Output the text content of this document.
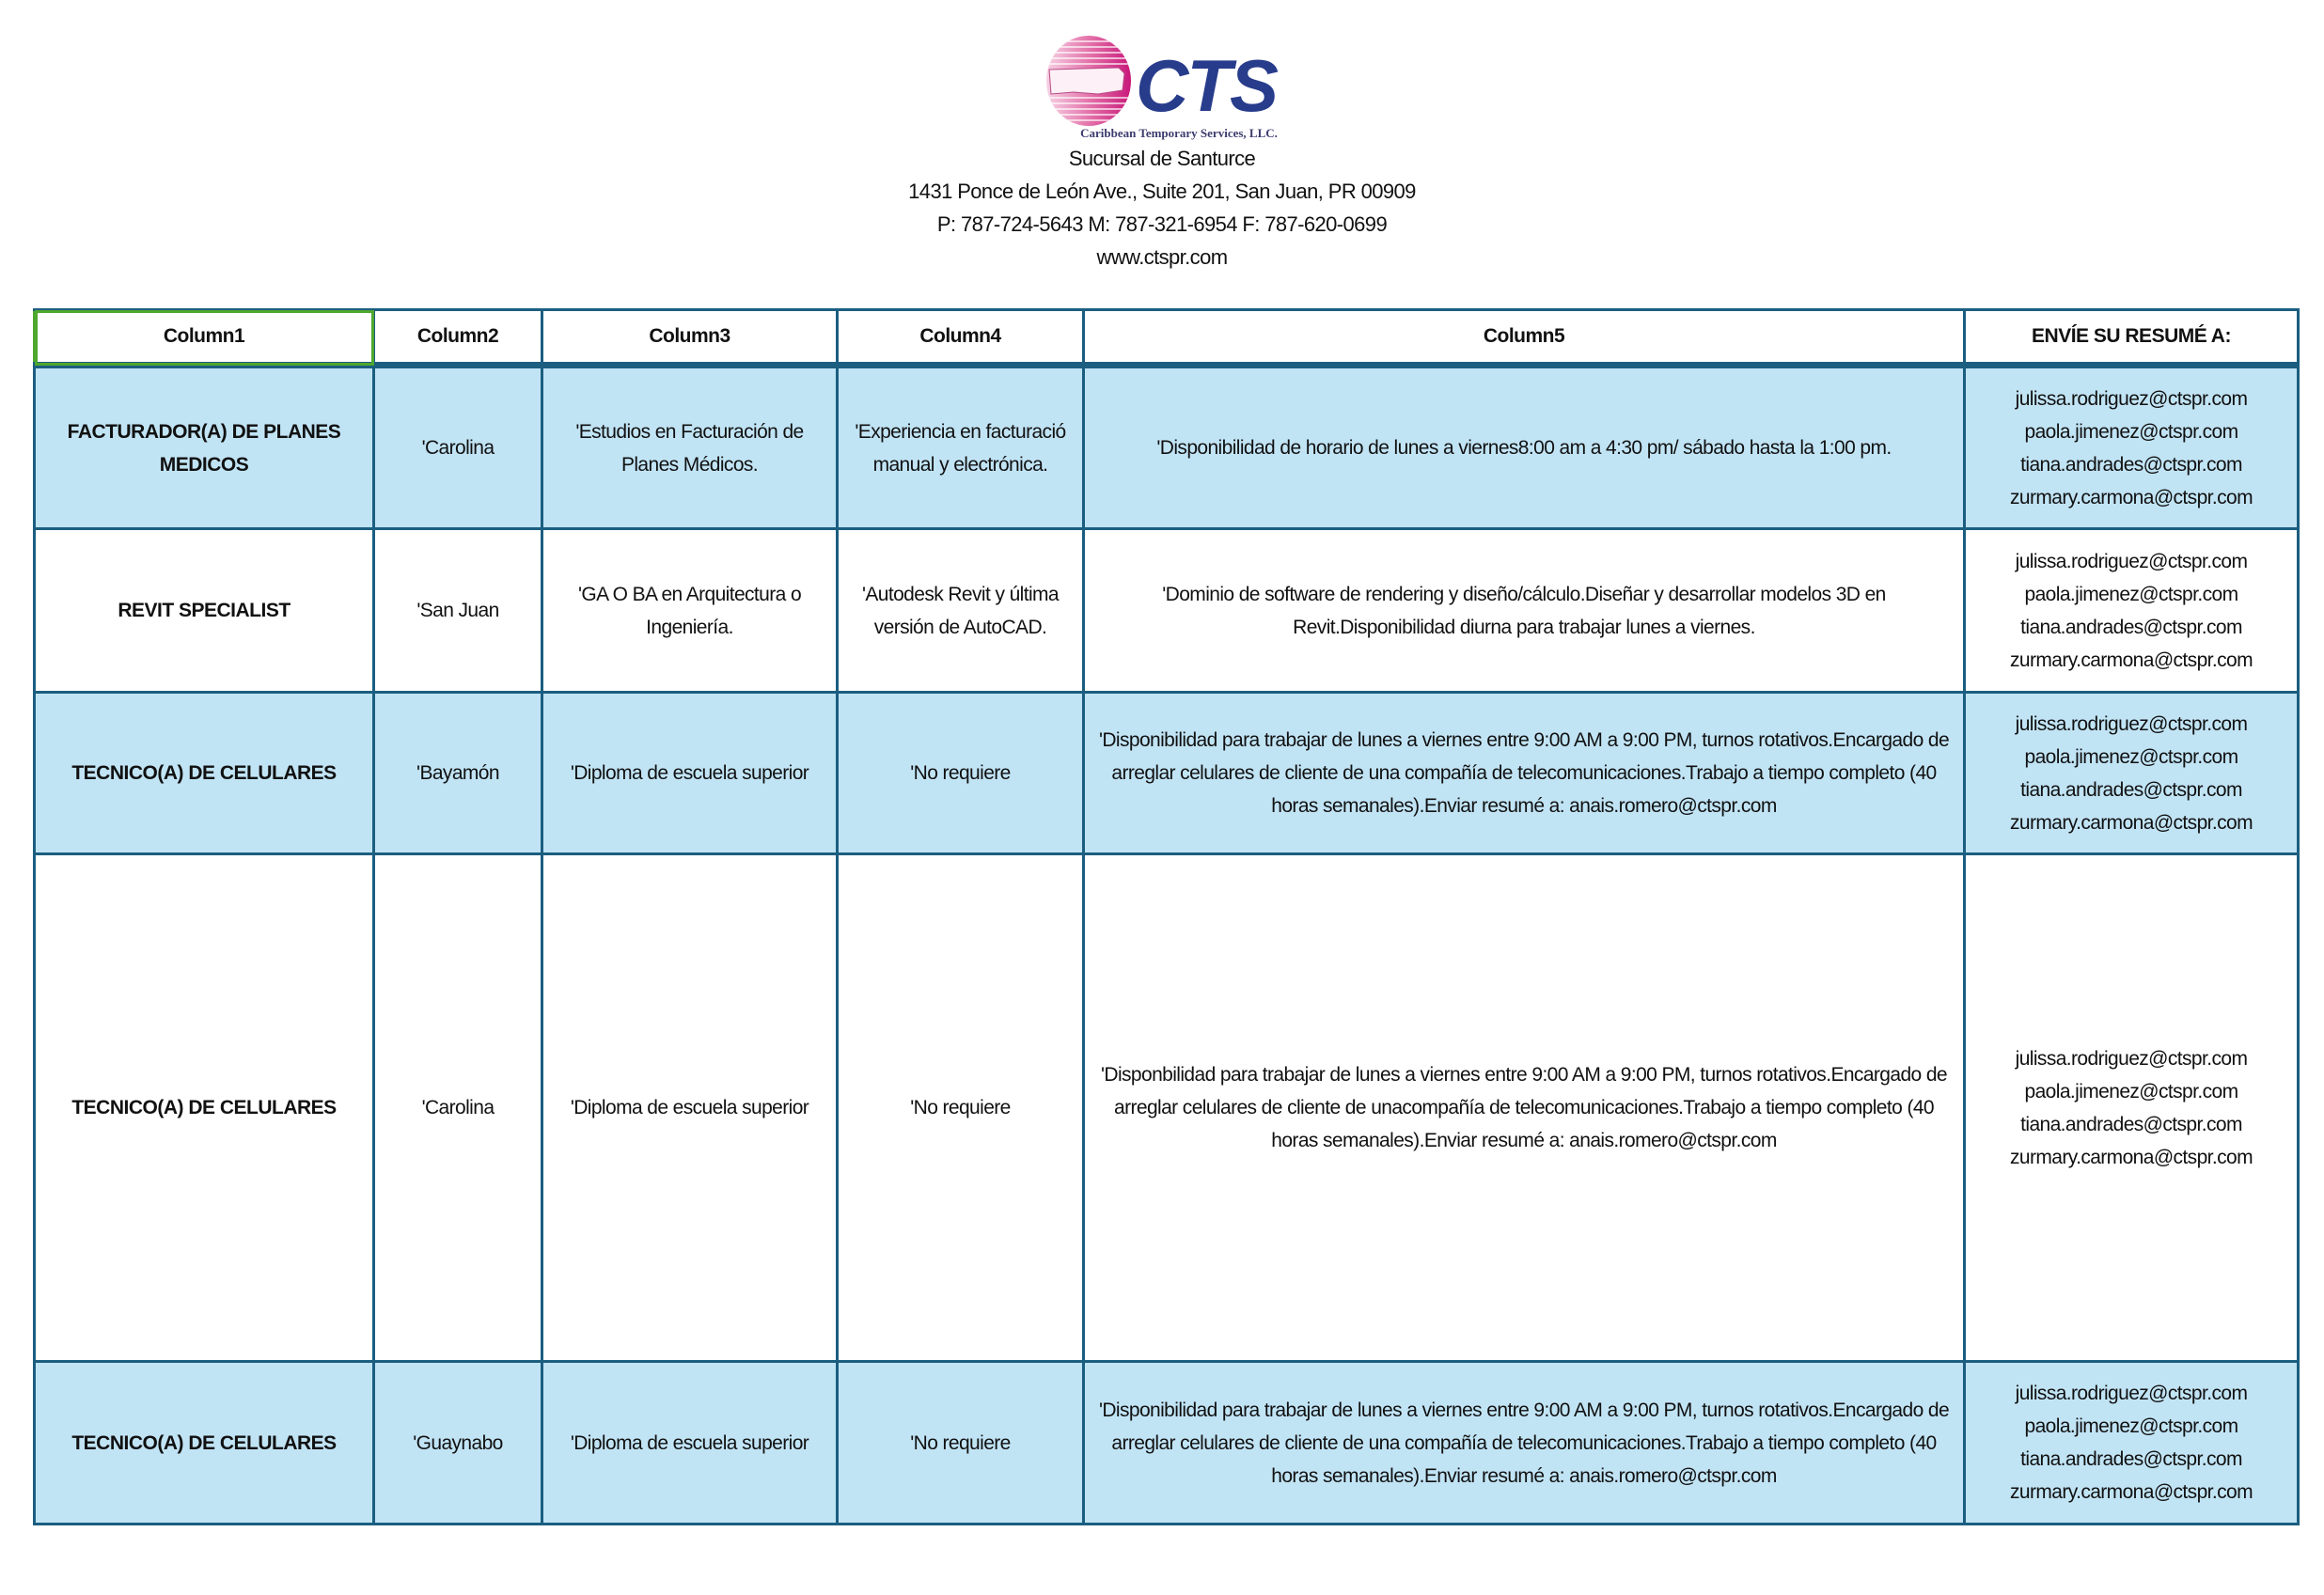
CTS
Caribbean Temporary Services, LLC.
Sucursal de Santurce
1431 Ponce de León Ave., Suite 201, San Juan, PR 00909
P: 787-724-5643 M: 787-321-6954 F: 787-620-0699
www.ctspr.com
Column1	Column2	Column3	Column4	Column5	ENVÍE SU RESUMÉ A:
FACTURADOR(A) DE PLANES MEDICOS	'Carolina	'Estudios en Facturación de Planes Médicos.	'Experiencia en facturació manual y electrónica.	'Disponibilidad de horario de lunes a viernes8:00 am a 4:30 pm/ sábado hasta la 1:00 pm.	julissa.rodriguez@ctspr.com
paola.jimenez@ctspr.com
tiana.andrades@ctspr.com
zurmary.carmona@ctspr.com

REVIT SPECIALIST	'San Juan	'GA O BA en Arquitectura o Ingeniería.	'Autodesk Revit y última versión de AutoCAD.	'Dominio de software de rendering y diseño/cálculo.Diseñar y desarrollar modelos 3D en Revit.Disponibilidad diurna para trabajar lunes a viernes.	julissa.rodriguez@ctspr.com
paola.jimenez@ctspr.com
tiana.andrades@ctspr.com
zurmary.carmona@ctspr.com

TECNICO(A) DE CELULARES	'Bayamón	'Diploma de escuela superior	'No requiere	'Disponibilidad para trabajar de lunes a viernes entre 9:00 AM a 9:00 PM, turnos rotativos.Encargado de arreglar celulares de cliente de una compañía de telecomunicaciones.Trabajo a tiempo completo (40 horas semanales).Enviar resumé a: anais.romero@ctspr.com	
julissa.rodriguez@ctspr.com
paola.jimenez@ctspr.com
tiana.andrades@ctspr.com
zurmary.carmona@ctspr.com

TECNICO(A) DE CELULARES	'Carolina	'Diploma de escuela superior	'No requiere	'Disponbilidad para trabajar de lunes a viernes entre 9:00 AM a 9:00 PM, turnos rotativos.Encargado de arreglar celulares de cliente de unacompañía de telecomunicaciones.Trabajo a tiempo completo (40 horas semanales).Enviar resumé a: anais.romero@ctspr.com	
julissa.rodriguez@ctspr.com
paola.jimenez@ctspr.com
tiana.andrades@ctspr.com
zurmary.carmona@ctspr.com

TECNICO(A) DE CELULARES	'Guaynabo	'Diploma de escuela superior	'No requiere	'Disponibilidad para trabajar de lunes a viernes entre 9:00 AM a 9:00 PM, turnos rotativos.Encargado de arreglar celulares de cliente de una compañía de telecomunicaciones.Trabajo a tiempo completo (40 horas semanales).Enviar resumé a: anais.romero@ctspr.com	
julissa.rodriguez@ctspr.com
paola.jimenez@ctspr.com
tiana.andrades@ctspr.com
zurmary.carmona@ctspr.com
